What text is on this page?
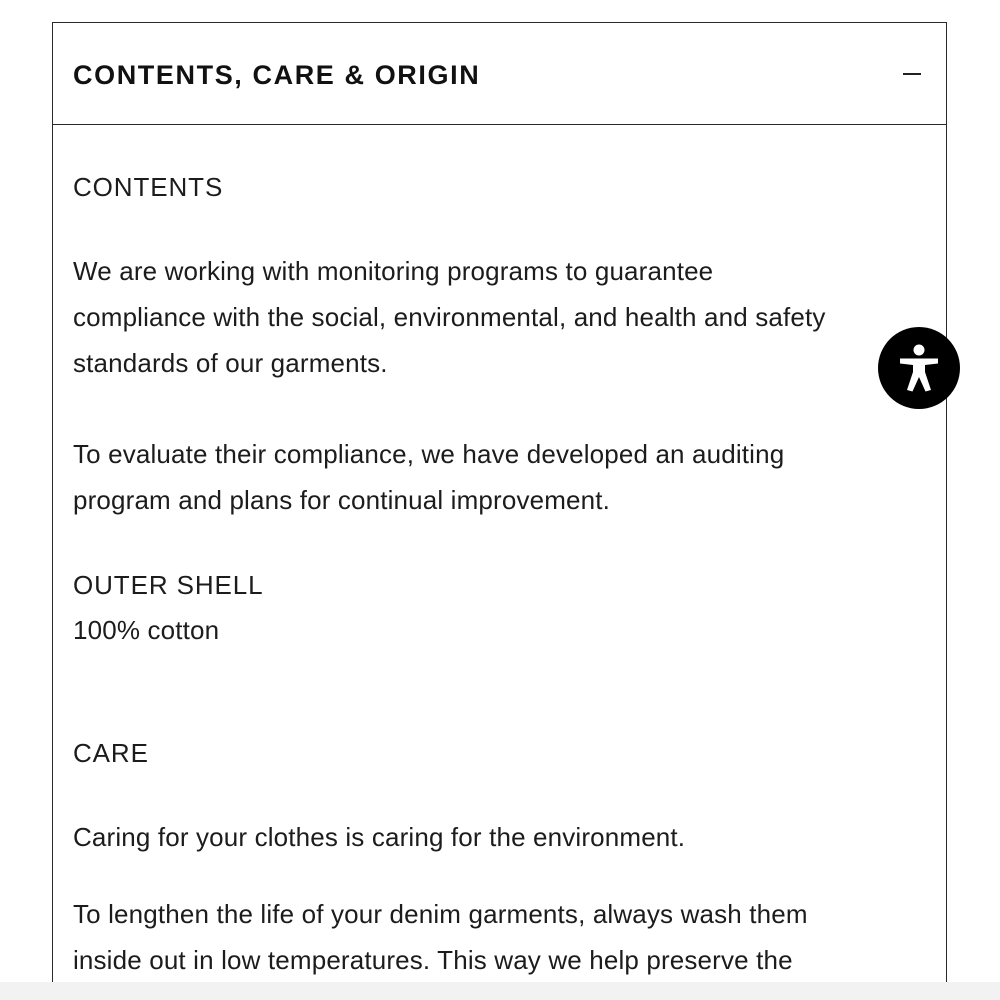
CONTENTS, CARE & ORIGIN
CONTENTS
We are working with monitoring programs to guarantee
compliance with the social, environmental, and health and safety
standards of our garments.
To evaluate their compliance, we have developed an auditing
program and plans for continual improvement.
OUTER SHELL
100% cotton
CARE
Caring for your clothes is caring for the environment.
To lengthen the life of your denim garments, always wash them
inside out in low temperatures. This way we help preserve the
